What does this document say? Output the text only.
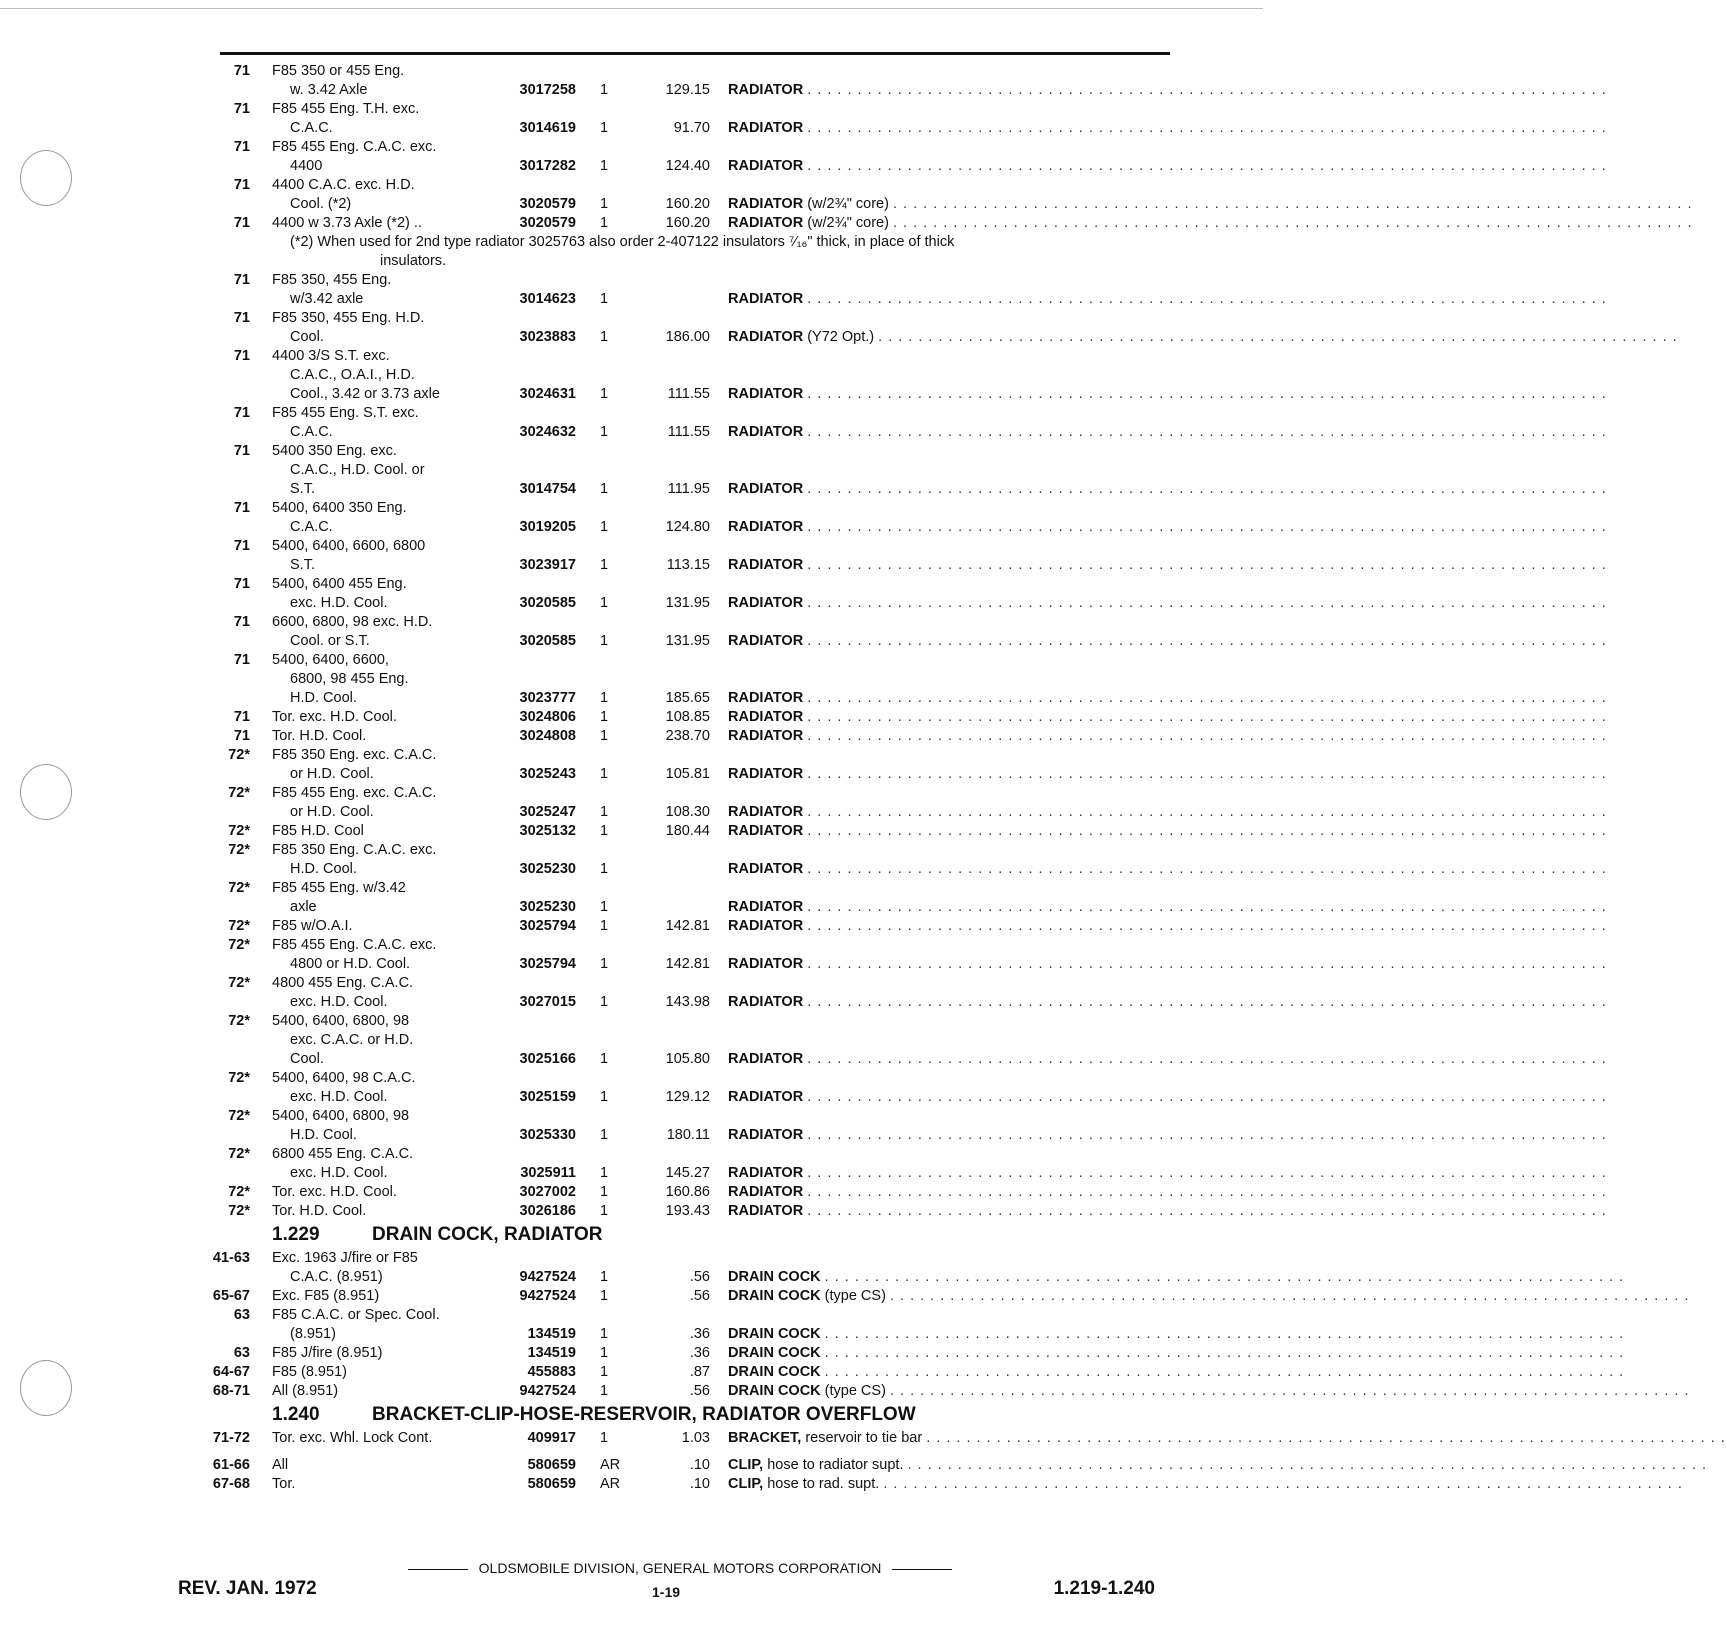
71 F85 350 or 455 Eng.
w. 3.42 Axle	3017258 1	129.15 RADIATOR . . . . . . . . . . . . . . . . . . . . . . . . . . . . . . . . . . . . . . . . . . . . . . . . . . . . . . . . . . . . . . . . . . . . . . . . . . . . . . . .
71 F85 455 Eng. T.H. exc.
C.A.C.	3014619 1	91.70 RADIATOR . . . . . . . . . . . . . . . . . . . . . . . . . . . . . . . . . . . . . . . . . . . . . . . . . . . . . . . . . . . . . . . . . . . . . . . . . . . . . . . .
71 F85 455 Eng. C.A.C. exc.
4400	3017282 1	124.40 RADIATOR . . . . . . . . . . . . . . . . . . . . . . . . . . . . . . . . . . . . . . . . . . . . . . . . . . . . . . . . . . . . . . . . . . . . . . . . . . . . . . . .
71 4400 C.A.C. exc. H.D.
Cool. (*2)	3020579 1	160.20 RADIATOR (w/2¾" core) . . . . . . . . . . . . . . . . . . . . . . . . . . . . . . . . . . . . . . . . . . . . . . . . . . . . . . . . . . . . . . . . . . . . . . . . . . . . . . . .
71 4400 w 3.73 Axle (*2) ..	3020579 1	160.20 RADIATOR (w/2¾" core) . . . . . . . . . . . . . . . . . . . . . . . . . . . . . . . . . . . . . . . . . . . . . . . . . . . . . . . . . . . . . . . . . . . . . . . . . . . . . . . .
(*2) When used for 2nd type radiator 3025763 also order 2-407122 insulators ⁷⁄₁₆" thick, in place of thick
insulators.
71 F85 350, 455 Eng.
w/3.42 axle	3014623 1	RADIATOR . . . . . . . . . . . . . . . . . . . . . . . . . . . . . . . . . . . . . . . . . . . . . . . . . . . . . . . . . . . . . . . . . . . . . . . . . . . . . . . .
71 F85 350, 455 Eng. H.D.
Cool.	3023883 1	186.00 RADIATOR (Y72 Opt.) . . . . . . . . . . . . . . . . . . . . . . . . . . . . . . . . . . . . . . . . . . . . . . . . . . . . . . . . . . . . . . . . . . . . . . . . . . . . . . . .
71 4400 3/S S.T. exc.
C.A.C., O.A.I., H.D.
Cool., 3.42 or 3.73 axle	3024631 1	111.55 RADIATOR . . . . . . . . . . . . . . . . . . . . . . . . . . . . . . . . . . . . . . . . . . . . . . . . . . . . . . . . . . . . . . . . . . . . . . . . . . . . . . . .
71 F85 455 Eng. S.T. exc.
C.A.C.	3024632 1	111.55 RADIATOR . . . . . . . . . . . . . . . . . . . . . . . . . . . . . . . . . . . . . . . . . . . . . . . . . . . . . . . . . . . . . . . . . . . . . . . . . . . . . . . .
71 5400 350 Eng. exc.
C.A.C., H.D. Cool. or
S.T.	3014754 1	111.95 RADIATOR . . . . . . . . . . . . . . . . . . . . . . . . . . . . . . . . . . . . . . . . . . . . . . . . . . . . . . . . . . . . . . . . . . . . . . . . . . . . . . . .
71 5400, 6400 350 Eng.
C.A.C.	3019205 1	124.80 RADIATOR . . . . . . . . . . . . . . . . . . . . . . . . . . . . . . . . . . . . . . . . . . . . . . . . . . . . . . . . . . . . . . . . . . . . . . . . . . . . . . . .
71 5400, 6400, 6600, 6800
S.T.	3023917 1	113.15 RADIATOR . . . . . . . . . . . . . . . . . . . . . . . . . . . . . . . . . . . . . . . . . . . . . . . . . . . . . . . . . . . . . . . . . . . . . . . . . . . . . . . .
71 5400, 6400 455 Eng.
exc. H.D. Cool.	3020585 1	131.95 RADIATOR . . . . . . . . . . . . . . . . . . . . . . . . . . . . . . . . . . . . . . . . . . . . . . . . . . . . . . . . . . . . . . . . . . . . . . . . . . . . . . . .
71 6600, 6800, 98 exc. H.D.
Cool. or S.T.	3020585 1	131.95 RADIATOR . . . . . . . . . . . . . . . . . . . . . . . . . . . . . . . . . . . . . . . . . . . . . . . . . . . . . . . . . . . . . . . . . . . . . . . . . . . . . . . .
71 5400, 6400, 6600,
6800, 98 455 Eng.
H.D. Cool.	3023777 1	185.65 RADIATOR . . . . . . . . . . . . . . . . . . . . . . . . . . . . . . . . . . . . . . . . . . . . . . . . . . . . . . . . . . . . . . . . . . . . . . . . . . . . . . . .
71 Tor. exc. H.D. Cool.	3024806 1	108.85 RADIATOR . . . . . . . . . . . . . . . . . . . . . . . . . . . . . . . . . . . . . . . . . . . . . . . . . . . . . . . . . . . . . . . . . . . . . . . . . . . . . . . .
71 Tor. H.D. Cool.	3024808 1	238.70 RADIATOR . . . . . . . . . . . . . . . . . . . . . . . . . . . . . . . . . . . . . . . . . . . . . . . . . . . . . . . . . . . . . . . . . . . . . . . . . . . . . . . .
72* F85 350 Eng. exc. C.A.C.
or H.D. Cool.	3025243 1	105.81 RADIATOR . . . . . . . . . . . . . . . . . . . . . . . . . . . . . . . . . . . . . . . . . . . . . . . . . . . . . . . . . . . . . . . . . . . . . . . . . . . . . . . .
72* F85 455 Eng. exc. C.A.C.
or H.D. Cool.	3025247 1	108.30 RADIATOR . . . . . . . . . . . . . . . . . . . . . . . . . . . . . . . . . . . . . . . . . . . . . . . . . . . . . . . . . . . . . . . . . . . . . . . . . . . . . . . .
72* F85 H.D. Cool	3025132 1	180.44 RADIATOR . . . . . . . . . . . . . . . . . . . . . . . . . . . . . . . . . . . . . . . . . . . . . . . . . . . . . . . . . . . . . . . . . . . . . . . . . . . . . . . .
72* F85 350 Eng. C.A.C. exc.
H.D. Cool.	3025230 1	RADIATOR . . . . . . . . . . . . . . . . . . . . . . . . . . . . . . . . . . . . . . . . . . . . . . . . . . . . . . . . . . . . . . . . . . . . . . . . . . . . . . . .
72* F85 455 Eng. w/3.42
axle	3025230 1	RADIATOR . . . . . . . . . . . . . . . . . . . . . . . . . . . . . . . . . . . . . . . . . . . . . . . . . . . . . . . . . . . . . . . . . . . . . . . . . . . . . . . .
72* F85 w/O.A.I.	3025794 1	142.81 RADIATOR . . . . . . . . . . . . . . . . . . . . . . . . . . . . . . . . . . . . . . . . . . . . . . . . . . . . . . . . . . . . . . . . . . . . . . . . . . . . . . . .
72* F85 455 Eng. C.A.C. exc.
4800 or H.D. Cool.	3025794 1	142.81 RADIATOR . . . . . . . . . . . . . . . . . . . . . . . . . . . . . . . . . . . . . . . . . . . . . . . . . . . . . . . . . . . . . . . . . . . . . . . . . . . . . . . .
72* 4800 455 Eng. C.A.C.
exc. H.D. Cool.	3027015 1	143.98 RADIATOR . . . . . . . . . . . . . . . . . . . . . . . . . . . . . . . . . . . . . . . . . . . . . . . . . . . . . . . . . . . . . . . . . . . . . . . . . . . . . . . .
72* 5400, 6400, 6800, 98
exc. C.A.C. or H.D.
Cool.	3025166 1	105.80 RADIATOR . . . . . . . . . . . . . . . . . . . . . . . . . . . . . . . . . . . . . . . . . . . . . . . . . . . . . . . . . . . . . . . . . . . . . . . . . . . . . . . .
72* 5400, 6400, 98 C.A.C.
exc. H.D. Cool.	3025159 1	129.12 RADIATOR . . . . . . . . . . . . . . . . . . . . . . . . . . . . . . . . . . . . . . . . . . . . . . . . . . . . . . . . . . . . . . . . . . . . . . . . . . . . . . . .
72* 5400, 6400, 6800, 98
H.D. Cool.	3025330 1	180.11 RADIATOR . . . . . . . . . . . . . . . . . . . . . . . . . . . . . . . . . . . . . . . . . . . . . . . . . . . . . . . . . . . . . . . . . . . . . . . . . . . . . . . .
72* 6800 455 Eng. C.A.C.
exc. H.D. Cool.	3025911 1	145.27 RADIATOR . . . . . . . . . . . . . . . . . . . . . . . . . . . . . . . . . . . . . . . . . . . . . . . . . . . . . . . . . . . . . . . . . . . . . . . . . . . . . . . .
72* Tor. exc. H.D. Cool.	3027002 1	160.86 RADIATOR . . . . . . . . . . . . . . . . . . . . . . . . . . . . . . . . . . . . . . . . . . . . . . . . . . . . . . . . . . . . . . . . . . . . . . . . . . . . . . . .
72* Tor. H.D. Cool.	3026186 1	193.43 RADIATOR . . . . . . . . . . . . . . . . . . . . . . . . . . . . . . . . . . . . . . . . . . . . . . . . . . . . . . . . . . . . . . . . . . . . . . . . . . . . . . . .
1.229	DRAIN COCK, RADIATOR
41-63 Exc. 1963 J/fire or F85
C.A.C. (8.951)	9427524 1	.56 DRAIN COCK . . . . . . . . . . . . . . . . . . . . . . . . . . . . . . . . . . . . . . . . . . . . . . . . . . . . . . . . . . . . . . . . . . . . . . . . . . . . . . . .
65-67 Exc. F85 (8.951)	9427524 1	.56 DRAIN COCK (type CS) . . . . . . . . . . . . . . . . . . . . . . . . . . . . . . . . . . . . . . . . . . . . . . . . . . . . . . . . . . . . . . . . . . . . . . . . . . . . . . . .
63 F85 C.A.C. or Spec. Cool.
(8.951)	134519 1	.36 DRAIN COCK . . . . . . . . . . . . . . . . . . . . . . . . . . . . . . . . . . . . . . . . . . . . . . . . . . . . . . . . . . . . . . . . . . . . . . . . . . . . . . . .
63 F85 J/fire (8.951)	134519 1	.36 DRAIN COCK . . . . . . . . . . . . . . . . . . . . . . . . . . . . . . . . . . . . . . . . . . . . . . . . . . . . . . . . . . . . . . . . . . . . . . . . . . . . . . . .
64-67 F85 (8.951)	455883 1	.87 DRAIN COCK . . . . . . . . . . . . . . . . . . . . . . . . . . . . . . . . . . . . . . . . . . . . . . . . . . . . . . . . . . . . . . . . . . . . . . . . . . . . . . . .
68-71 All (8.951)	9427524 1	.56 DRAIN COCK (type CS) . . . . . . . . . . . . . . . . . . . . . . . . . . . . . . . . . . . . . . . . . . . . . . . . . . . . . . . . . . . . . . . . . . . . . . . . . . . . . . . .
1.240	BRACKET-CLIP-HOSE-RESERVOIR, RADIATOR OVERFLOW
71-72 Tor. exc. Whl. Lock Cont.	409917 1	1.03 BRACKET, reservoir to tie bar . . . . . . . . . . . . . . . . . . . . . . . . . . . . . . . . . . . . . . . . . . . . . . . . . . . . . . . . . . . . . . . . . . . . . . . . . . . . . . . .
61-66 All	580659 AR	.10 CLIP, hose to radiator supt. . . . . . . . . . . . . . . . . . . . . . . . . . . . . . . . . . . . . . . . . . . . . . . . . . . . . . . . . . . . . . . . . . . . . . . . . . . . . . . . .
67-68 Tor.	580659 AR	.10 CLIP, hose to rad. supt. . . . . . . . . . . . . . . . . . . . . . . . . . . . . . . . . . . . . . . . . . . . . . . . . . . . . . . . . . . . . . . . . . . . . . . . . . . . . . . . .
OLDSMOBILE DIVISION, GENERAL MOTORS CORPORATION
REV. JAN. 1972	1-19	1.219-1.240
